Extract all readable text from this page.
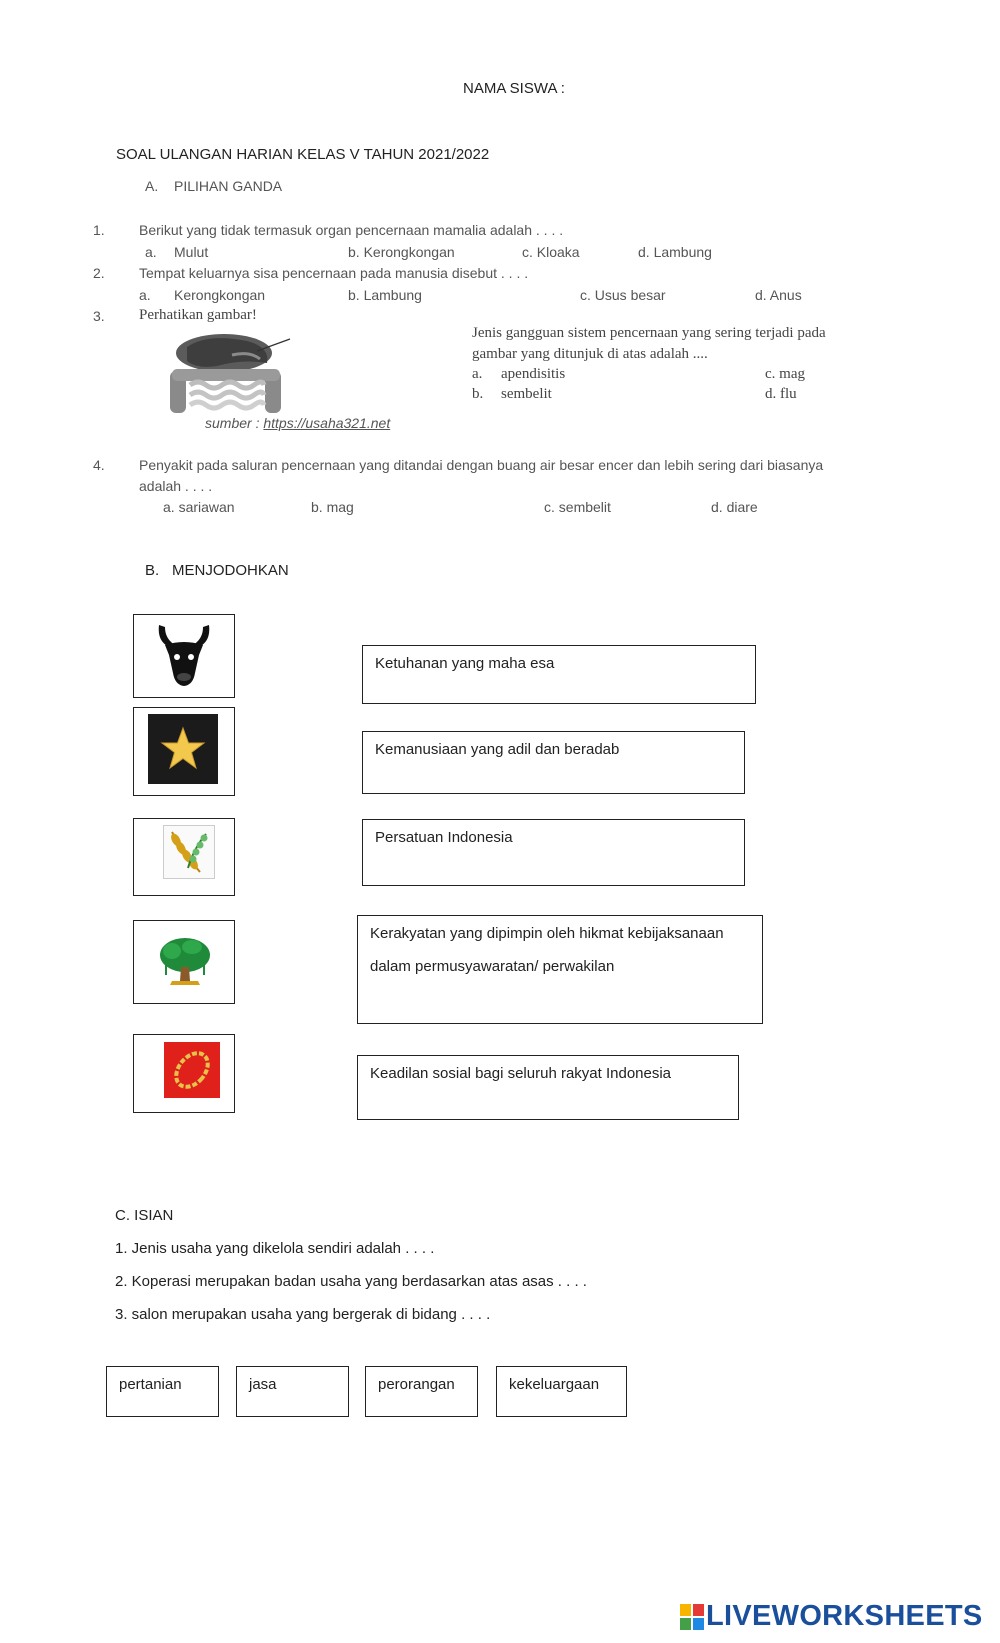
NAMA SISWA :
SOAL ULANGAN HARIAN KELAS V TAHUN 2021/2022
A. PILIHAN GANDA
1. Berikut yang tidak termasuk organ pencernaan mamalia adalah . . . .
a. Mulut	b. Kerongkongan	c. Kloaka	d. Lambung
2. Tempat keluarnya sisa pencernaan pada manusia disebut . . . .
a. Kerongkongan	b. Lambung	c. Usus besar	d. Anus
3. Perhatikan gambar!
Jenis gangguan sistem pencernaan yang sering terjadi pada
gambar yang ditunjuk di atas adalah ....
a. apendisitis	c. mag
b. sembelit	d. flu
sumber : https://usaha321.net
4. Penyakit pada saluran pencernaan yang ditandai dengan buang air besar encer dan lebih sering dari biasanya
adalah . . . .
a. sariawan	b. mag	c. sembelit	d. diare
B. MENJODOHKAN
Ketuhanan yang maha esa
Kemanusiaan yang adil dan beradab
Persatuan Indonesia
Kerakyatan yang dipimpin oleh hikmat kebijaksanaan
dalam permusyawaratan/ perwakilan
Keadilan sosial bagi seluruh rakyat Indonesia
C. ISIAN
1. Jenis usaha yang dikelola sendiri adalah . . . .
2. Koperasi merupakan badan usaha yang berdasarkan atas asas . . . .
3. salon merupakan usaha yang bergerak di bidang . . . .
pertanian	jasa	perorangan	kekeluargaan
LIVEWORKSHEETS
